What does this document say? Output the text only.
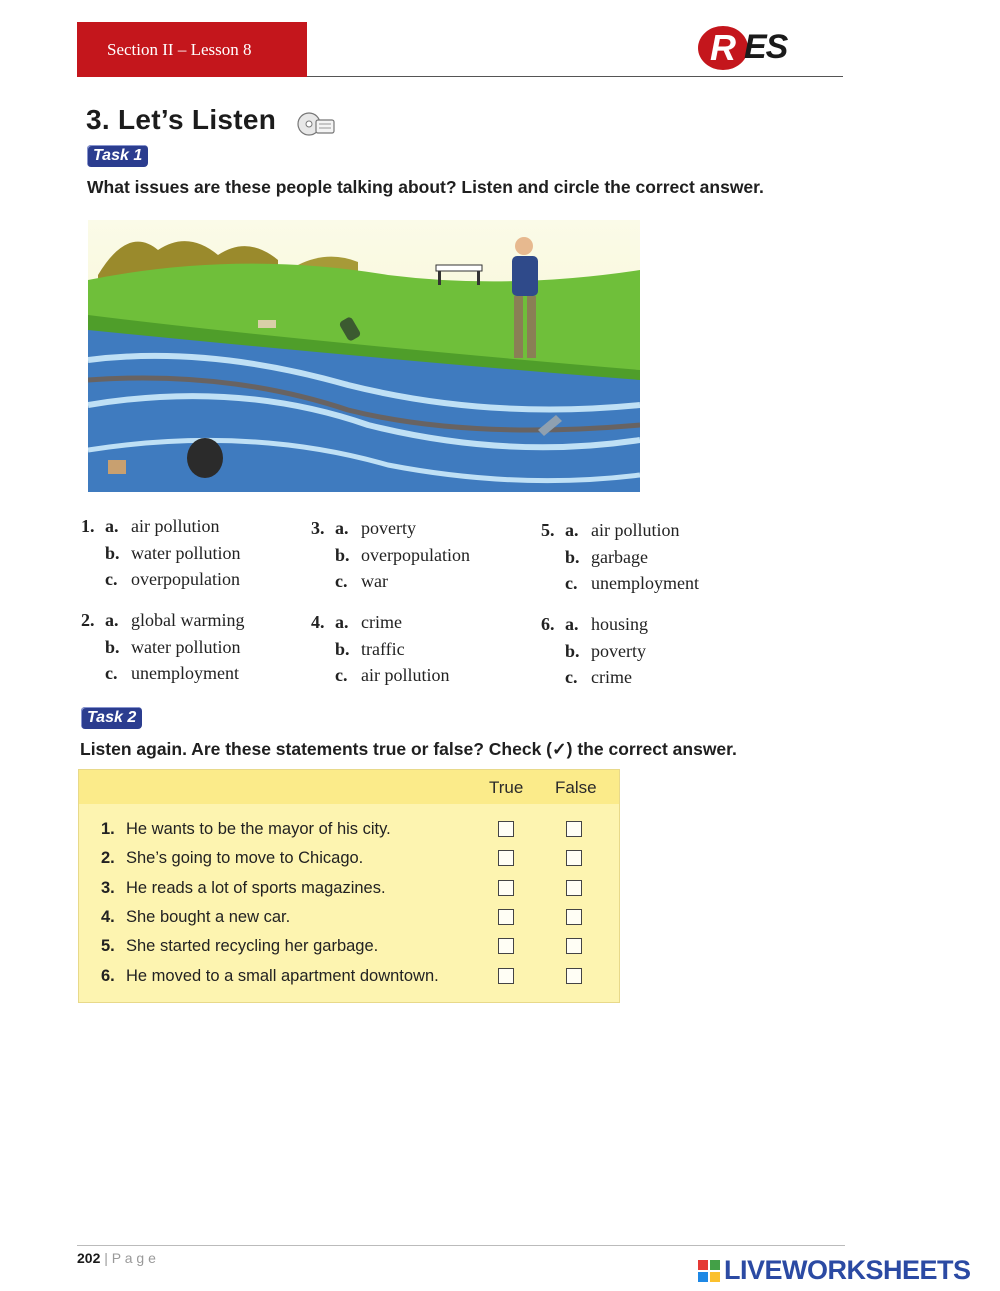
Section II – Lesson 8	R ES
3. Let’s Listen
Task 1
What issues are these people talking about? Listen and circle the correct answer.
1. a. air pollution
b. water pollution
c. overpopulation
2. a. global warming
b. water pollution
c. unemployment
3. a. poverty
b. overpopulation
c. war
4. a. crime
b. traffic
c. air pollution
5. a. air pollution
b. garbage
c. unemployment
6. a. housing
b. poverty
c. crime
Task 2
Listen again. Are these statements true or false? Check (✓) the correct answer.
True False
1. He wants to be the mayor of his city.
2. She’s going to move to Chicago.
3. He reads a lot of sports magazines.
4. She bought a new car.
5. She started recycling her garbage.
6. He moved to a small apartment downtown.
202 | P a g e	LIVEWORKSHEETS
